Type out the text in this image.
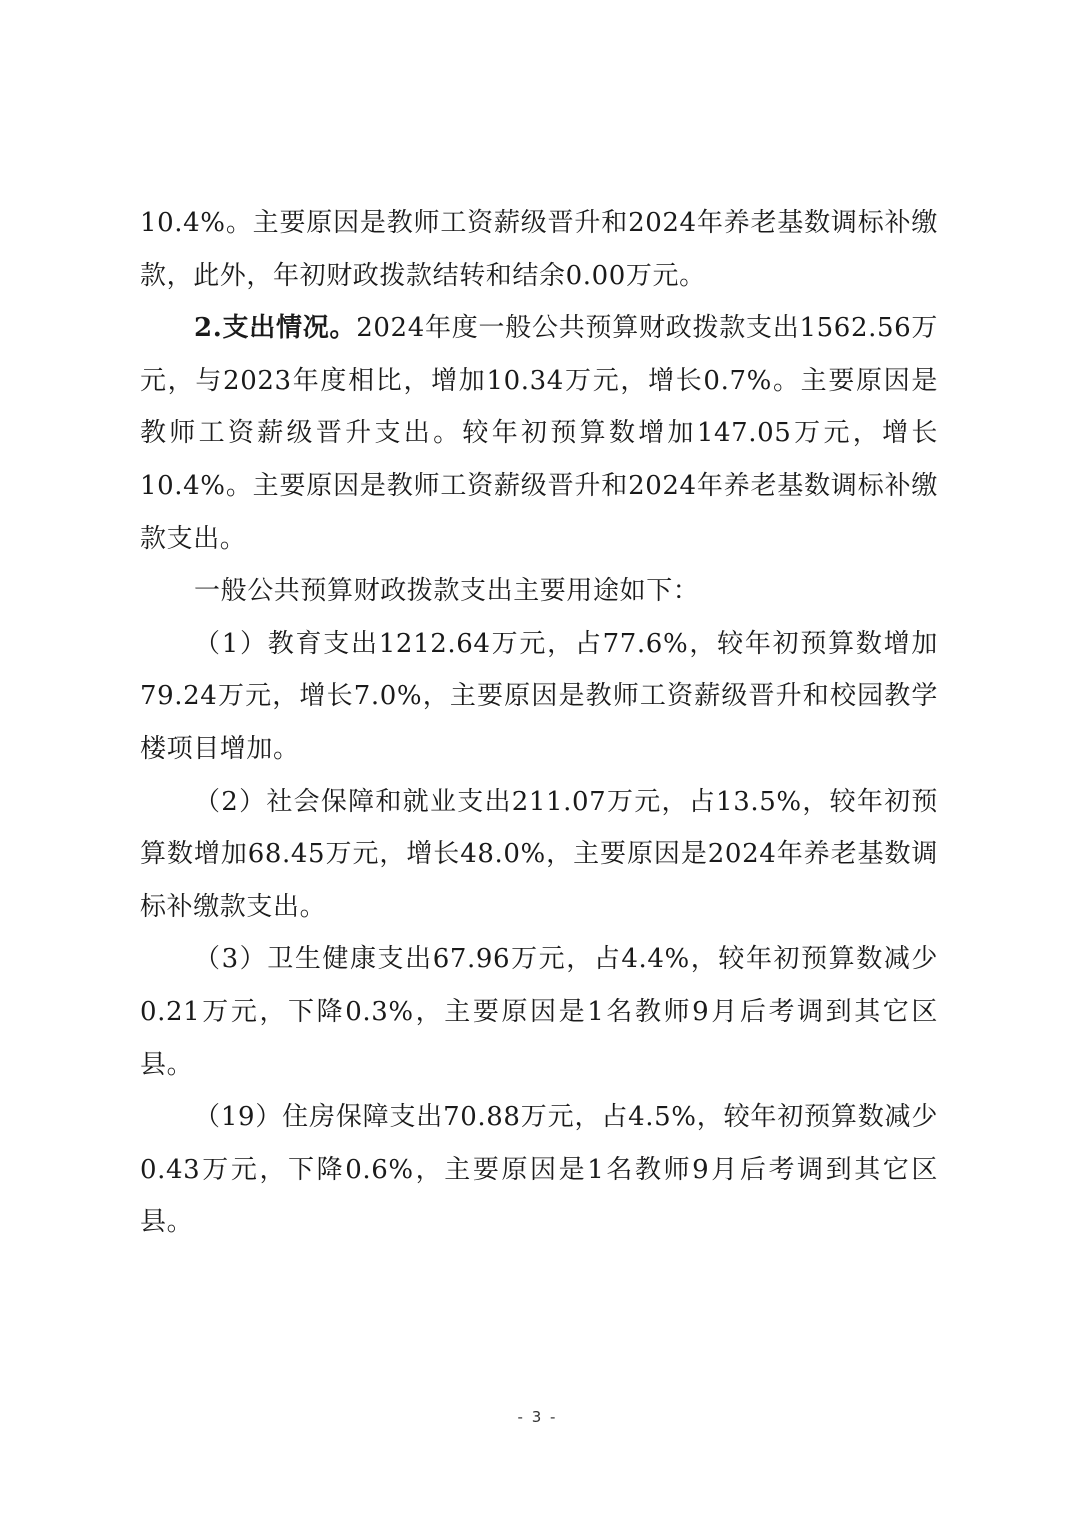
10.4%。主要原因是教师工资薪级晋升和2024年养老基数调标补缴款，此外，年初财政拨款结转和结余0.00万元。

2.支出情况。2024年度一般公共预算财政拨款支出1562.56万元，与2023年度相比，增加10.34万元，增长0.7%。主要原因是教师工资薪级晋升支出。较年初预算数增加147.05万元，增长10.4%。主要原因是教师工资薪级晋升和2024年养老基数调标补缴款支出。

一般公共预算财政拨款支出主要用途如下：

（1）教育支出1212.64万元，占77.6%，较年初预算数增加79.24万元，增长7.0%，主要原因是教师工资薪级晋升和校园教学楼项目增加。

（2）社会保障和就业支出211.07万元，占13.5%，较年初预算数增加68.45万元，增长48.0%，主要原因是2024年养老基数调标补缴款支出。

（3）卫生健康支出67.96万元，占4.4%，较年初预算数减少0.21万元，下降0.3%，主要原因是1名教师9月后考调到其它区县。

（19）住房保障支出70.88万元，占4.5%，较年初预算数减少0.43万元，下降0.6%，主要原因是1名教师9月后考调到其它区县。

- 3 -
